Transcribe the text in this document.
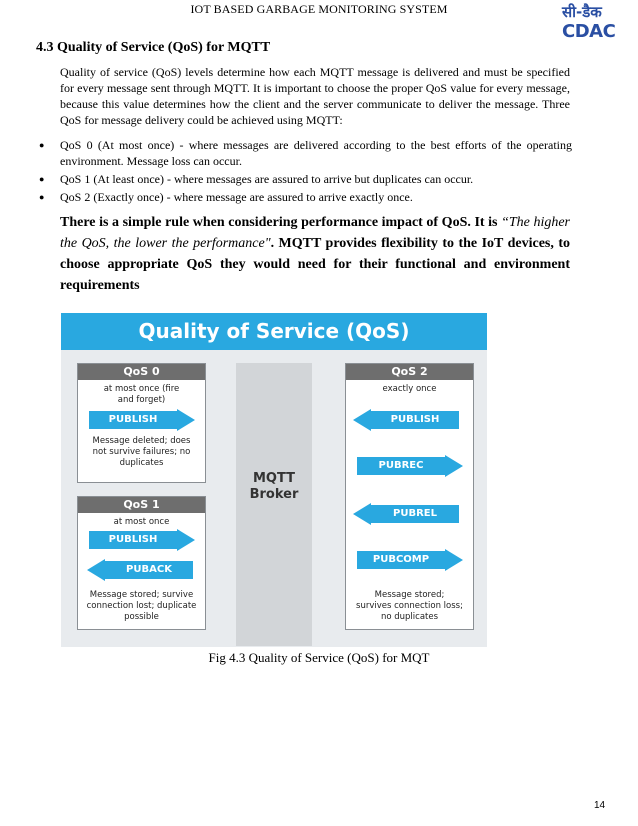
IOT BASED GARBAGE MONITORING SYSTEM	सी-डैक
CDAC
4.3 Quality of Service (QoS) for MQTT
Quality of service (QoS) levels determine how each MQTT message is delivered and must be specified for every message sent through MQTT. It is important to choose the proper QoS value for every message, because this value determines how the client and the server communicate to deliver the message. Three QoS for message delivery could be achieved using MQTT:
● QoS 0 (At most once) - where messages are delivered according to the best efforts of the operating environment. Message loss can occur.
● QoS 1 (At least once) - where messages are assured to arrive but duplicates can occur.
● QoS 2 (Exactly once) - where message are assured to arrive exactly once.
There is a simple rule when considering performance impact of QoS. It is “The higher the QoS, the lower the performance". MQTT provides flexibility to the IoT devices, to choose appropriate QoS they would need for their functional and environment requirements
Quality of Service (QoS)
QoS 0
at most once (fire and forget)
Message deleted; does not survive failures; no duplicates
QoS 1
at most once
Message stored; survive connection lost; duplicate possible
MQTT Broker
QoS 2
exactly once
Message stored; survives connection loss; no duplicates
PUBLISH
PUBLISH
PUBACK
PUBLISH
PUBREC
PUBREL
PUBCOMP
Fig 4.3 Quality of Service (QoS) for MQT
14
